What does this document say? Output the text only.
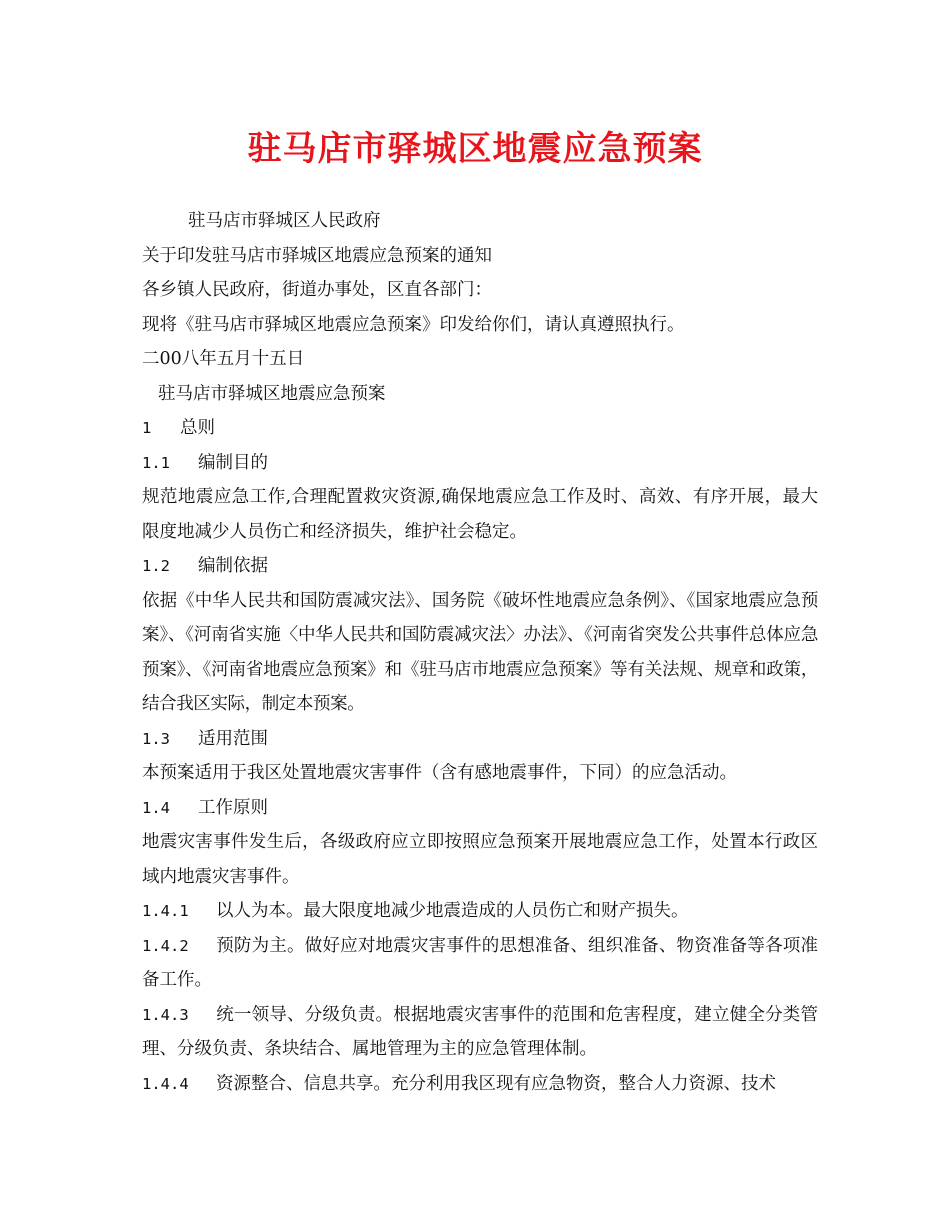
驻马店市驿城区地震应急预案

驻马店市驿城区人民政府

关于印发驻马店市驿城区地震应急预案的通知

各乡镇人民政府，街道办事处，区直各部门：

现将《驻马店市驿城区地震应急预案》印发给你们，请认真遵照执行。

二00八年五月十五日

驻马店市驿城区地震应急预案

1 总则

1.1 编制目的

规范地震应急工作,合理配置救灾资源,确保地震应急工作及时、高效、有序开展，最大限度地减少人员伤亡和经济损失，维护社会稳定。

1.2 编制依据

依据《中华人民共和国防震减灾法》、国务院《破坏性地震应急条例》、《国家地震应急预案》、《河南省实施〈中华人民共和国防震减灾法〉办法》、《河南省突发公共事件总体应急预案》、《河南省地震应急预案》和《驻马店市地震应急预案》等有关法规、规章和政策，结合我区实际，制定本预案。

1.3 适用范围

本预案适用于我区处置地震灾害事件（含有感地震事件，下同）的应急活动。

1.4 工作原则

地震灾害事件发生后，各级政府应立即按照应急预案开展地震应急工作，处置本行政区域内地震灾害事件。

1.4.1 以人为本。最大限度地减少地震造成的人员伤亡和财产损失。

1.4.2 预防为主。做好应对地震灾害事件的思想准备、组织准备、物资准备等各项准备工作。

1.4.3 统一领导、分级负责。根据地震灾害事件的范围和危害程度，建立健全分类管理、分级负责、条块结合、属地管理为主的应急管理体制。

1.4.4 资源整合、信息共享。充分利用我区现有应急物资，整合人力资源、技术
